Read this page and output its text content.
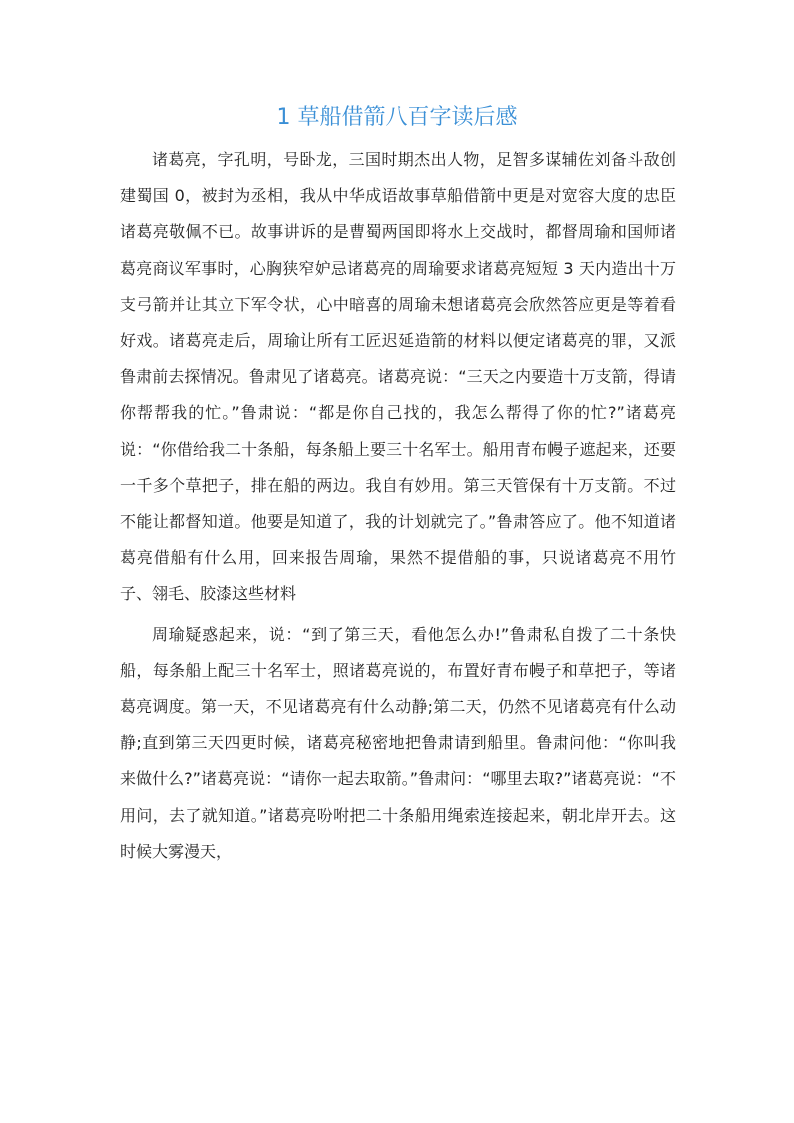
1 草船借箭八百字读后感

诸葛亮，字孔明，号卧龙，三国时期杰出人物，足智多谋辅佐刘备斗敌创建蜀国 0，被封为丞相，我从中华成语故事草船借箭中更是对宽容大度的忠臣诸葛亮敬佩不已。故事讲诉的是曹蜀两国即将水上交战时，都督周瑜和国师诸葛亮商议军事时，心胸狭窄妒忌诸葛亮的周瑜要求诸葛亮短短 3 天内造出十万支弓箭并让其立下军令状，心中暗喜的周瑜未想诸葛亮会欣然答应更是等着看好戏。诸葛亮走后，周瑜让所有工匠迟延造箭的材料以便定诸葛亮的罪，又派鲁肃前去探情况。鲁肃见了诸葛亮。诸葛亮说：“三天之内要造十万支箭，得请你帮帮我的忙。”鲁肃说：“都是你自己找的，我怎么帮得了你的忙?”诸葛亮说：“你借给我二十条船，每条船上要三十名军士。船用青布幔子遮起来，还要一千多个草把子，排在船的两边。我自有妙用。第三天管保有十万支箭。不过不能让都督知道。他要是知道了，我的计划就完了。”鲁肃答应了。他不知道诸葛亮借船有什么用，回来报告周瑜，果然不提借船的事，只说诸葛亮不用竹子、翎毛、胶漆这些材料

周瑜疑惑起来，说：“到了第三天，看他怎么办!”鲁肃私自拨了二十条快船，每条船上配三十名军士，照诸葛亮说的，布置好青布幔子和草把子，等诸葛亮调度。第一天，不见诸葛亮有什么动静;第二天，仍然不见诸葛亮有什么动静;直到第三天四更时候，诸葛亮秘密地把鲁肃请到船里。鲁肃问他：“你叫我来做什么?”诸葛亮说：“请你一起去取箭。”鲁肃问：“哪里去取?”诸葛亮说：“不用问，去了就知道。”诸葛亮吩咐把二十条船用绳索连接起来，朝北岸开去。这时候大雾漫天，
